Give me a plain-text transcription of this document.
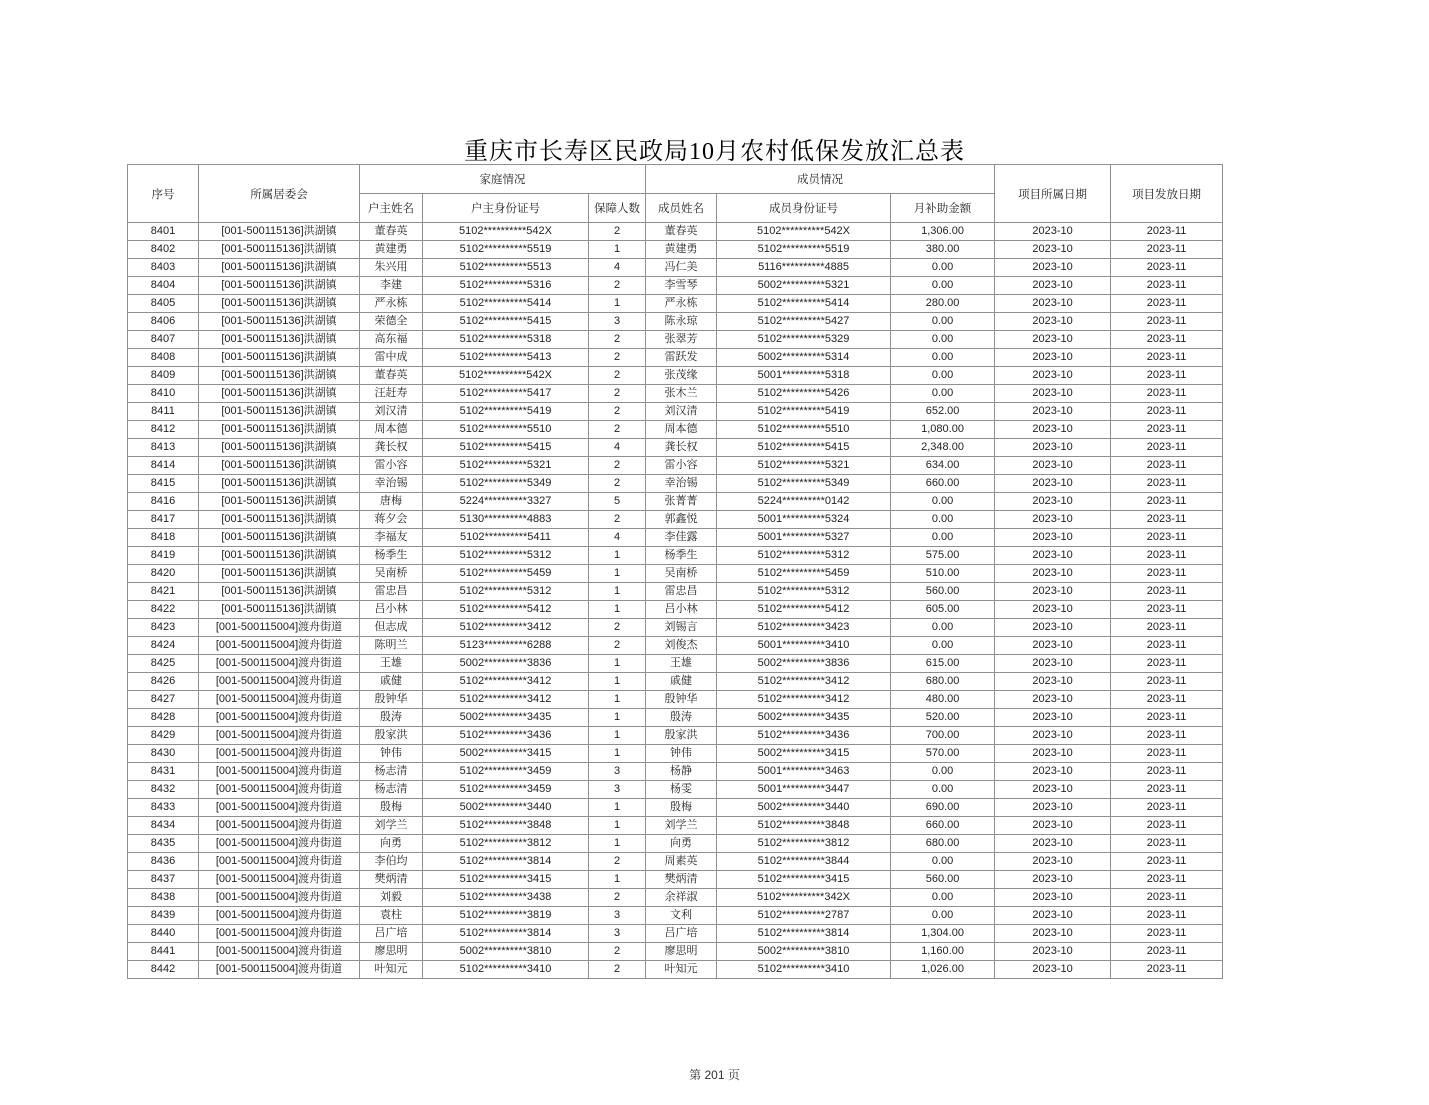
重庆市长寿区民政局10月农村低保发放汇总表
序号	所属居委会	家庭情况			成员情况			项目所属日期	项目发放日期
		户主姓名	户主身份证号	保障人数	成员姓名	成员身份证号	月补助金额		
8401	[001-500115136]洪湖镇	董春英	5102**********542X	2	董春英	5102**********542X	1,306.00	2023-10	2023-11
8402	[001-500115136]洪湖镇	黄建勇	5102**********5519	1	黄建勇	5102**********5519	380.00	2023-10	2023-11
8403	[001-500115136]洪湖镇	朱兴用	5102**********5513	4	冯仁美	5116**********4885	0.00	2023-10	2023-11
8404	[001-500115136]洪湖镇	李建	5102**********5316	2	李雪琴	5002**********5321	0.00	2023-10	2023-11
8405	[001-500115136]洪湖镇	严永栋	5102**********5414	1	严永栋	5102**********5414	280.00	2023-10	2023-11
8406	[001-500115136]洪湖镇	荣德全	5102**********5415	3	陈永琼	5102**********5427	0.00	2023-10	2023-11
8407	[001-500115136]洪湖镇	高东福	5102**********5318	2	张翠芳	5102**********5329	0.00	2023-10	2023-11
8408	[001-500115136]洪湖镇	雷中成	5102**********5413	2	雷跃发	5002**********5314	0.00	2023-10	2023-11
8409	[001-500115136]洪湖镇	董春英	5102**********542X	2	张茂缘	5001**********5318	0.00	2023-10	2023-11
8410	[001-500115136]洪湖镇	汪赶寿	5102**********5417	2	张木兰	5102**********5426	0.00	2023-10	2023-11
8411	[001-500115136]洪湖镇	刘汉清	5102**********5419	2	刘汉清	5102**********5419	652.00	2023-10	2023-11
8412	[001-500115136]洪湖镇	周本德	5102**********5510	2	周本德	5102**********5510	1,080.00	2023-10	2023-11
8413	[001-500115136]洪湖镇	龚长权	5102**********5415	4	龚长权	5102**********5415	2,348.00	2023-10	2023-11
8414	[001-500115136]洪湖镇	雷小容	5102**********5321	2	雷小容	5102**********5321	634.00	2023-10	2023-11
8415	[001-500115136]洪湖镇	幸治锡	5102**********5349	2	幸治锡	5102**********5349	660.00	2023-10	2023-11
8416	[001-500115136]洪湖镇	唐梅	5224**********3327	5	张菁菁	5224**********0142	0.00	2023-10	2023-11
8417	[001-500115136]洪湖镇	蒋夕会	5130**********4883	2	郭鑫悦	5001**********5324	0.00	2023-10	2023-11
8418	[001-500115136]洪湖镇	李福友	5102**********5411	4	李佳露	5001**********5327	0.00	2023-10	2023-11
8419	[001-500115136]洪湖镇	杨季生	5102**********5312	1	杨季生	5102**********5312	575.00	2023-10	2023-11
8420	[001-500115136]洪湖镇	吴南桥	5102**********5459	1	吴南桥	5102**********5459	510.00	2023-10	2023-11
8421	[001-500115136]洪湖镇	雷忠昌	5102**********5312	1	雷忠昌	5102**********5312	560.00	2023-10	2023-11
8422	[001-500115136]洪湖镇	吕小林	5102**********5412	1	吕小林	5102**********5412	605.00	2023-10	2023-11
8423	[001-500115004]渡舟街道	但志成	5102**********3412	2	刘锡言	5102**********3423	0.00	2023-10	2023-11
8424	[001-500115004]渡舟街道	陈明兰	5123**********6288	2	刘俊杰	5001**********3410	0.00	2023-10	2023-11
8425	[001-500115004]渡舟街道	王雄	5002**********3836	1	王雄	5002**********3836	615.00	2023-10	2023-11
8426	[001-500115004]渡舟街道	戚健	5102**********3412	1	戚健	5102**********3412	680.00	2023-10	2023-11
8427	[001-500115004]渡舟街道	殷钟华	5102**********3412	1	殷钟华	5102**********3412	480.00	2023-10	2023-11
8428	[001-500115004]渡舟街道	殷涛	5002**********3435	1	殷涛	5002**********3435	520.00	2023-10	2023-11
8429	[001-500115004]渡舟街道	殷家洪	5102**********3436	1	殷家洪	5102**********3436	700.00	2023-10	2023-11
8430	[001-500115004]渡舟街道	钟伟	5002**********3415	1	钟伟	5002**********3415	570.00	2023-10	2023-11
8431	[001-500115004]渡舟街道	杨志清	5102**********3459	3	杨静	5001**********3463	0.00	2023-10	2023-11
8432	[001-500115004]渡舟街道	杨志清	5102**********3459	3	杨雯	5001**********3447	0.00	2023-10	2023-11
8433	[001-500115004]渡舟街道	殷梅	5002**********3440	1	殷梅	5002**********3440	690.00	2023-10	2023-11
8434	[001-500115004]渡舟街道	刘学兰	5102**********3848	1	刘学兰	5102**********3848	660.00	2023-10	2023-11
8435	[001-500115004]渡舟街道	向勇	5102**********3812	1	向勇	5102**********3812	680.00	2023-10	2023-11
8436	[001-500115004]渡舟街道	李伯均	5102**********3814	2	周素英	5102**********3844	0.00	2023-10	2023-11
8437	[001-500115004]渡舟街道	樊炳清	5102**********3415	1	樊炳清	5102**********3415	560.00	2023-10	2023-11
8438	[001-500115004]渡舟街道	刘毅	5102**********3438	2	余祥淑	5102**********342X	0.00	2023-10	2023-11
8439	[001-500115004]渡舟街道	袁柱	5102**********3819	3	文利	5102**********2787	0.00	2023-10	2023-11
8440	[001-500115004]渡舟街道	吕广培	5102**********3814	3	吕广培	5102**********3814	1,304.00	2023-10	2023-11
8441	[001-500115004]渡舟街道	廖思明	5002**********3810	2	廖思明	5002**********3810	1,160.00	2023-10	2023-11
8442	[001-500115004]渡舟街道	叶知元	5102**********3410	2	叶知元	5102**********3410	1,026.00	2023-10	2023-11
第 201 页
